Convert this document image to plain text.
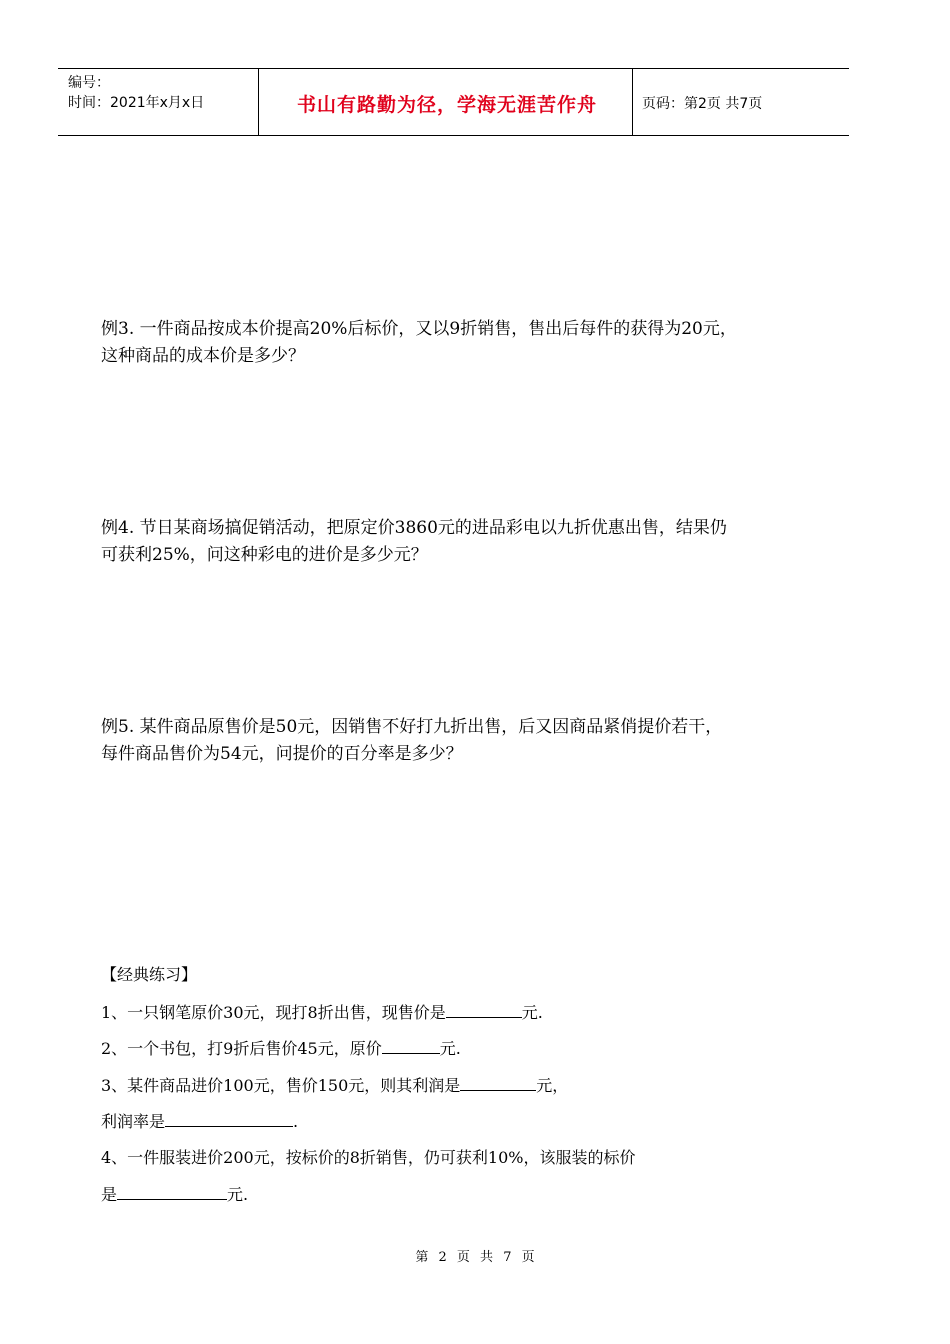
编号：
时间：2021年x月x日	书山有路勤为径，学海无涯苦作舟	页码：第2页 共7页

例3. 一件商品按成本价提高20%后标价，又以9折销售，售出后每件的获得为20元，

这种商品的成本价是多少？

例4. 节日某商场搞促销活动，把原定价3860元的进品彩电以九折优惠出售，结果仍

可获利25%，问这种彩电的进价是多少元？

例5. 某件商品原售价是50元，因销售不好打九折出售，后又因商品紧俏提价若干，

每件商品售价为54元，问提价的百分率是多少？

【经典练习】

1、一只钢笔原价30元，现打8折出售，现售价是	元.

2、一个书包，打9折后售价45元，原价	元.

3、某件商品进价100元，售价150元，则其利润是	元，

利润率是	.

4、一件服装进价200元，按标价的8折销售，仍可获利10%，该服装的标价

是	元.

第 2 页 共 7 页
